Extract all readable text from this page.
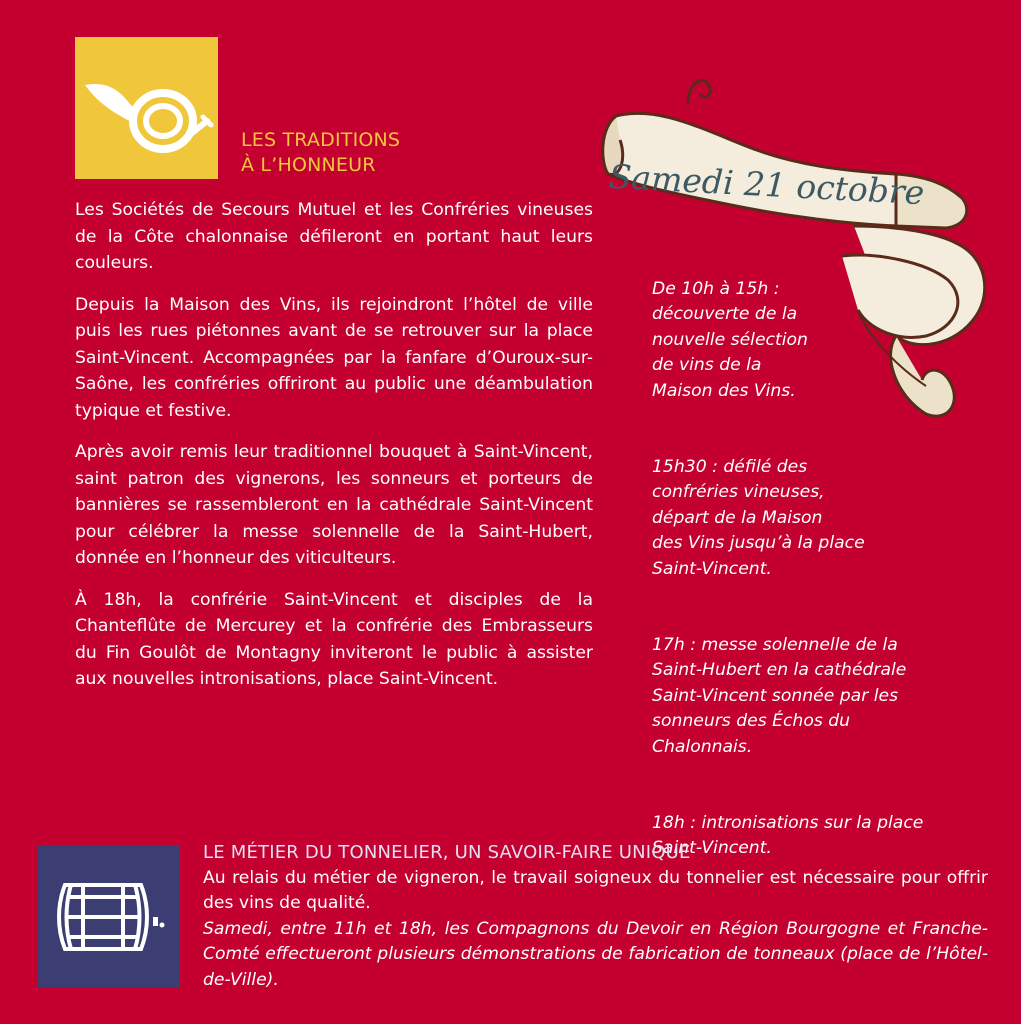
LES TRADITIONS
À L’HONNEUR

Les Sociétés de Secours Mutuel et les Confréries vineuses de la Côte chalonnaise défileront en portant haut leurs couleurs.

Depuis la Maison des Vins, ils rejoindront l’hôtel de ville puis les rues piétonnes avant de se retrouver sur la place Saint-Vincent. Accompagnées par la fanfare d’Ouroux-sur-Saône, les confréries offriront au public une déambulation typique et festive.

Après avoir remis leur traditionnel bouquet à Saint-Vincent, saint patron des vignerons, les sonneurs et porteurs de bannières se rassembleront en la cathédrale Saint-Vincent pour célébrer la messe solennelle de la Saint-Hubert, donnée en l’honneur des viticulteurs.

À 18h, la confrérie Saint-Vincent et disciples de la Chanteflûte de Mercurey et la confrérie des Embrasseurs du Fin Goulôt de Montagny inviteront le public à assister aux nouvelles intronisations, place Saint-Vincent.

Samedi 21 octobre

De 10h à 15h :
découverte de la
nouvelle sélection
de vins de la
Maison des Vins.

15h30 : défilé des
confréries vineuses,
départ de la Maison
des Vins jusqu’à la place
Saint-Vincent.

17h : messe solennelle de la
Saint-Hubert en la cathédrale
Saint-Vincent sonnée par les
sonneurs des Échos du
Chalonnais.

18h : intronisations sur la place
Saint-Vincent.

LE MÉTIER DU TONNELIER, UN SAVOIR-FAIRE UNIQUE
Au relais du métier de vigneron, le travail soigneux du tonnelier est nécessaire pour offrir des vins de qualité.
Samedi, entre 11h et 18h, les Compagnons du Devoir en Région Bourgogne et Franche-Comté effectueront plusieurs démonstrations de fabrication de tonneaux (place de l’Hôtel-de-Ville).
